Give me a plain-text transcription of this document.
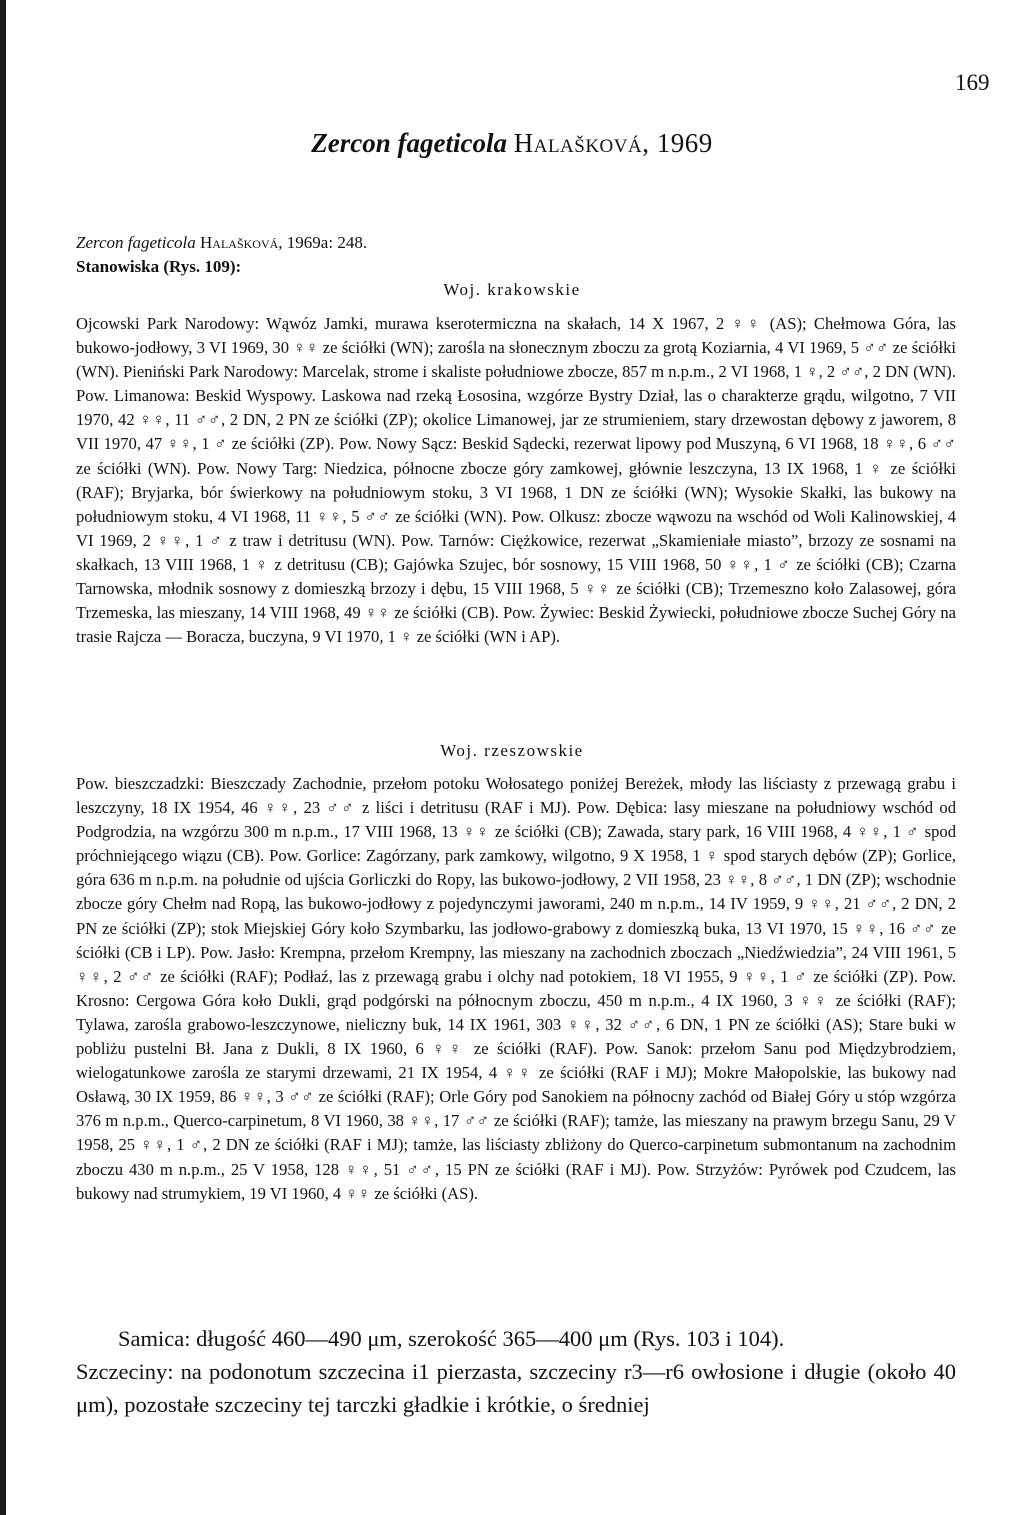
169
Zercon fageticola Halašková, 1969
Zercon fageticola Halašková, 1969a: 248.
Stanowiska (Rys. 109):
Woj. krakowskie
Ojcowski Park Narodowy: Wąwóz Jamki, murawa kserotermiczna na skałach, 14 X 1967, 2 ♀♀ (AS); Chełmowa Góra, las bukowo-jodłowy, 3 VI 1969, 30 ♀♀ ze ściółki (WN); zarośla na słonecznym zboczu za grotą Koziarnia, 4 VI 1969, 5 ♂♂ ze ściółki (WN). Pieniński Park Narodowy: Marcelak, strome i skaliste południowe zbocze, 857 m n.p.m., 2 VI 1968, 1 ♀, 2 ♂♂, 2 DN (WN). Pow. Limanowa: Beskid Wyspowy. Laskowa nad rzeką Łososina, wzgórze Bystry Dział, las o charakterze grądu, wilgotno, 7 VII 1970, 42 ♀♀, 11 ♂♂, 2 DN, 2 PN ze ściółki (ZP); okolice Limanowej, jar ze strumieniem, stary drzewostan dębowy z jaworem, 8 VII 1970, 47 ♀♀, 1 ♂ ze ściółki (ZP). Pow. Nowy Sącz: Beskid Sądecki, rezerwat lipowy pod Muszyną, 6 VI 1968, 18 ♀♀, 6 ♂♂ ze ściółki (WN). Pow. Nowy Targ: Niedzica, północne zbocze góry zamkowej, głównie leszczyna, 13 IX 1968, 1 ♀ ze ściółki (RAF); Bryjarka, bór świerkowy na południowym stoku, 3 VI 1968, 1 DN ze ściółki (WN); Wysokie Skałki, las bukowy na południowym stoku, 4 VI 1968, 11 ♀♀, 5 ♂♂ ze ściółki (WN). Pow. Olkusz: zbocze wąwozu na wschód od Woli Kalinowskiej, 4 VI 1969, 2 ♀♀, 1 ♂ z traw i detritusu (WN). Pow. Tarnów: Ciężkowice, rezerwat „Skamieniałe miasto”, brzozy ze sosnami na skałkach, 13 VIII 1968, 1 ♀ z detritusu (CB); Gajówka Szujec, bór sosnowy, 15 VIII 1968, 50 ♀♀, 1 ♂ ze ściółki (CB); Czarna Tarnowska, młodnik sosnowy z domieszką brzozy i dębu, 15 VIII 1968, 5 ♀♀ ze ściółki (CB); Trzemeszno koło Zalasowej, góra Trzemeska, las mieszany, 14 VIII 1968, 49 ♀♀ ze ściółki (CB). Pow. Żywiec: Beskid Żywiecki, południowe zbocze Suchej Góry na trasie Rajcza — Boracza, buczyna, 9 VI 1970, 1 ♀ ze ściółki (WN i AP).
Woj. rzeszowskie
Pow. bieszczadzki: Bieszczady Zachodnie, przełom potoku Wołosatego poniżej Bereżek, młody las liściasty z przewagą grabu i leszczyny, 18 IX 1954, 46 ♀♀, 23 ♂♂ z liści i detritusu (RAF i MJ). Pow. Dębica: lasy mieszane na południowy wschód od Podgrodzia, na wzgórzu 300 m n.p.m., 17 VIII 1968, 13 ♀♀ ze ściółki (CB); Zawada, stary park, 16 VIII 1968, 4 ♀♀, 1 ♂ spod próchniejącego wiązu (CB). Pow. Gorlice: Zagórzany, park zamkowy, wilgotno, 9 X 1958, 1 ♀ spod starych dębów (ZP); Gorlice, góra 636 m n.p.m. na południe od ujścia Gorliczki do Ropy, las bukowo-jodłowy, 2 VII 1958, 23 ♀♀, 8 ♂♂, 1 DN (ZP); wschodnie zbocze góry Chełm nad Ropą, las bukowo-jodłowy z pojedynczymi jaworami, 240 m n.p.m., 14 IV 1959, 9 ♀♀, 21 ♂♂, 2 DN, 2 PN ze ściółki (ZP); stok Miejskiej Góry koło Szymbarku, las jodłowo-grabowy z domieszką buka, 13 VI 1970, 15 ♀♀, 16 ♂♂ ze ściółki (CB i LP). Pow. Jasło: Krempna, przełom Krempny, las mieszany na zachodnich zboczach „Niedźwiedzia”, 24 VIII 1961, 5 ♀♀, 2 ♂♂ ze ściółki (RAF); Podłaź, las z przewagą grabu i olchy nad potokiem, 18 VI 1955, 9 ♀♀, 1 ♂ ze ściółki (ZP). Pow. Krosno: Cergowa Góra koło Dukli, grąd podgórski na północnym zboczu, 450 m n.p.m., 4 IX 1960, 3 ♀♀ ze ściółki (RAF); Tylawa, zarośla grabowo-leszczynowe, nieliczny buk, 14 IX 1961, 303 ♀♀, 32 ♂♂, 6 DN, 1 PN ze ściółki (AS); Stare buki w pobliżu pustelni Bł. Jana z Dukli, 8 IX 1960, 6 ♀♀ ze ściółki (RAF). Pow. Sanok: przełom Sanu pod Międzybrodziem, wielogatunkowe zarośla ze starymi drzewami, 21 IX 1954, 4 ♀♀ ze ściółki (RAF i MJ); Mokre Małopolskie, las bukowy nad Osławą, 30 IX 1959, 86 ♀♀, 3 ♂♂ ze ściółki (RAF); Orle Góry pod Sanokiem na północny zachód od Białej Góry u stóp wzgórza 376 m n.p.m., Querco-carpinetum, 8 VI 1960, 38 ♀♀, 17 ♂♂ ze ściółki (RAF); tamże, las mieszany na prawym brzegu Sanu, 29 V 1958, 25 ♀♀, 1 ♂, 2 DN ze ściółki (RAF i MJ); tamże, las liściasty zbliżony do Querco-carpinetum submontanum na zachodnim zboczu 430 m n.p.m., 25 V 1958, 128 ♀♀, 51 ♂♂, 15 PN ze ściółki (RAF i MJ). Pow. Strzyżów: Pyrówek pod Czudcem, las bukowy nad strumykiem, 19 VI 1960, 4 ♀♀ ze ściółki (AS).
Samica: długość 460—490 μm, szerokość 365—400 μm (Rys. 103 i 104).
Szczeciny: na podonotum szczecina i1 pierzasta, szczeciny r3—r6 owłosione i długie (około 40 μm), pozostałe szczeciny tej tarczki gładkie i krótkie, o średniej
